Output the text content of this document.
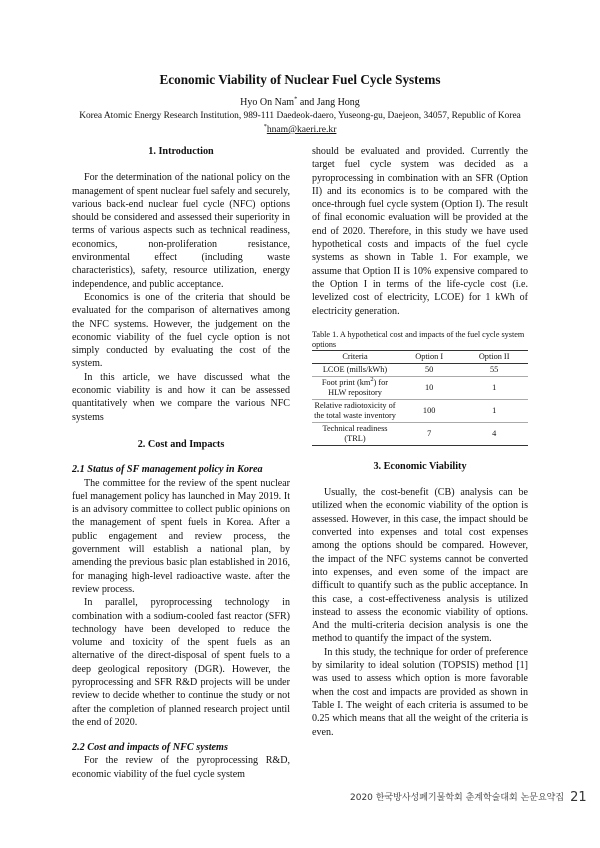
Economic Viability of Nuclear Fuel Cycle Systems
Hyo On Nam* and Jang Hong
Korea Atomic Energy Research Institution, 989-111 Daedeok-daero, Yuseong-gu, Daejeon, 34057, Republic of Korea
*hnam@kaeri.re.kr

1. Introduction

For the determination of the national policy on the management of spent nuclear fuel safely and securely, various back-end nuclear fuel cycle (NFC) options should be considered and assessed their superiority in terms of various aspects such as technical readiness, economics, non-proliferation resistance, environmental effect (including waste characteristics), safety, resource utilization, energy independence, and public acceptance.

Economics is one of the criteria that should be evaluated for the comparison of alternatives among the NFC systems. However, the judgement on the economic viability of the fuel cycle option is not simply conducted by evaluating the cost of the system.

In this article, we have discussed what the economic viability is and how it can be assessed quantitatively when we compare the various NFC systems

2. Cost and Impacts

2.1 Status of SF management policy in Korea

The committee for the review of the spent nuclear fuel management policy has launched in May 2019. It is an advisory committee to collect public opinions on the management of spent fuels in Korea. After a public engagement and review process, the government will establish a national plan, by amending the previous basic plan established in 2016, for managing high-level radioactive waste. after the review process.

In parallel, pyroprocessing technology in combination with a sodium-cooled fast reactor (SFR) technology have been developed to reduce the volume and toxicity of the spent fuels as an alternative of the direct-disposal of spent fuels to a deep geological repository (DGR). However, the pyroprocessing and SFR R&D projects will be under review to decide whether to continue the study or not after the completion of planned research project until the end of 2020.

2.2 Cost and impacts of NFC systems

For the review of the pyroprocessing R&D, economic viability of the fuel cycle system

should be evaluated and provided. Currently the target fuel cycle system was decided as a pyroprocessing in combination with an SFR (Option II) and its economics is to be compared with the once-through fuel cycle system (Option I). The result of final economic evaluation will be provided at the end of 2020. Therefore, in this study we have used hypothetical costs and impacts of the fuel cycle systems as shown in Table 1. For example, we assume that Option II is 10% expensive compared to the Option I in terms of the life-cycle cost (i.e. levelized cost of electricity, LCOE) for 1 kWh of electricity generation.

Table 1. A hypothetical cost and impacts of the fuel cycle system options

Criteria	Option I	Option II
LCOE (mills/kWh)	50	55
Foot print $(km^2)$ for HLW repository	10	1
Relative radiotoxicity of the total waste inventory	100	1
Technical readiness (TRL)	7	4

3. Economic Viability

Usually, the cost-benefit (CB) analysis can be utilized when the economic viability of the option is assessed. However, in this case, the impact should be converted into expenses and total cost expenses among the options should be compared. However, the impact of the NFC systems cannot be converted into expenses, and even some of the impact are difficult to quantify such as the public acceptance. In this case, a cost-effectiveness analysis is utilized instead to assess the economic viability of options. And the multi-criteria decision analysis is one the method to quantify the impact of the system.

In this study, the technique for order of preference by similarity to ideal solution (TOPSIS) method [1] was used to assess which option is more favorable when the cost and impacts are provided as shown in Table I. The weight of each criteria is assumed to be 0.25 which means that all the weight of the criteria is even.

2020 한국방사성폐기물학회 춘계학술대회 논문요약집 21
